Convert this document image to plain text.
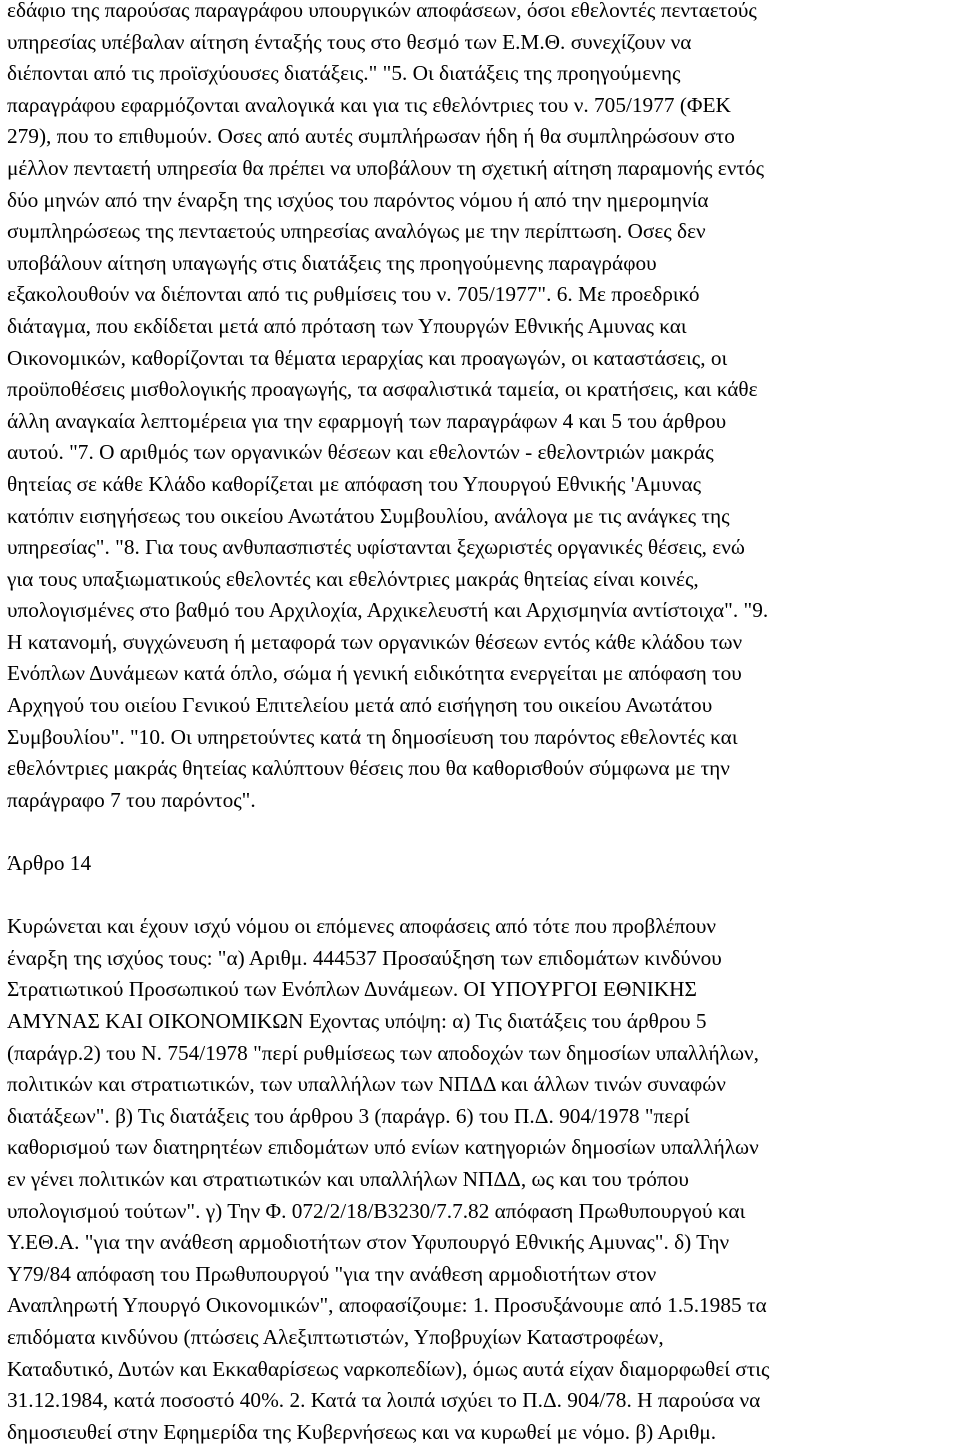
εδάφιο της παρούσας παραγράφου υπουργικών αποφάσεων, όσοι εθελοντές πενταετούς
υπηρεσίας υπέβαλαν αίτηση ένταξής τους στο θεσμό των Ε.Μ.Θ. συνεχίζουν να
διέπονται από τις προϊσχύουσες διατάξεις." "5. Οι διατάξεις της προηγούμενης
παραγράφου εφαρμόζονται αναλογικά και για τις εθελόντριες του ν. 705/1977 (ΦΕΚ
279), που το επιθυμούν. Οσες από αυτές συμπλήρωσαν ήδη ή θα συμπληρώσουν στο
μέλλον πενταετή υπηρεσία θα πρέπει να υποβάλουν τη σχετική αίτηση παραμονής εντός
δύο μηνών από την έναρξη της ισχύος του παρόντος νόμου ή από την ημερομηνία
συμπληρώσεως της πενταετούς υπηρεσίας αναλόγως με την περίπτωση. Οσες δεν
υποβάλουν αίτηση υπαγωγής στις διατάξεις της προηγούμενης παραγράφου
εξακολουθούν να διέπονται από τις ρυθμίσεις του ν. 705/1977". 6. Με προεδρικό
διάταγμα, που εκδίδεται μετά από πρόταση των Υπουργών Εθνικής Αμυνας και
Οικονομικών, καθορίζονται τα θέματα ιεραρχίας και προαγωγών, οι καταστάσεις, οι
προϋποθέσεις μισθολογικής προαγωγής, τα ασφαλιστικά ταμεία, οι κρατήσεις, και κάθε
άλλη αναγκαία λεπτομέρεια για την εφαρμογή των παραγράφων 4 και 5 του άρθρου
αυτού. "7. Ο αριθμός των οργανικών θέσεων και εθελοντών - εθελοντριών μακράς
θητείας σε κάθε Κλάδο καθορίζεται με απόφαση του Υπουργού Εθνικής 'Αμυνας
κατόπιν εισηγήσεως του οικείου Ανωτάτου Συμβουλίου, ανάλογα με τις ανάγκες της
υπηρεσίας". "8. Για τους ανθυπασπιστές υφίστανται ξεχωριστές οργανικές θέσεις, ενώ
για τους υπαξιωματικούς εθελοντές και εθελόντριες μακράς θητείας είναι κοινές,
υπολογισμένες στο βαθμό του Αρχιλοχία, Αρχικελευστή και Αρχισμηνία αντίστοιχα". "9.
Η κατανομή, συγχώνευση ή μεταφορά των οργανικών θέσεων εντός κάθε κλάδου των
Ενόπλων Δυνάμεων κατά όπλο, σώμα ή γενική ειδικότητα ενεργείται με απόφαση του
Αρχηγού του οιείου Γενικού Επιτελείου μετά από εισήγηση του οικείου Ανωτάτου
Συμβουλίου". "10. Οι υπηρετούντες κατά τη δημοσίευση του παρόντος εθελοντές και
εθελόντριες μακράς θητείας καλύπτουν θέσεις που θα καθορισθούν σύμφωνα με την
παράγραφο 7 του παρόντος".
Άρθρο 14
Κυρώνεται και έχουν ισχύ νόμου οι επόμενες αποφάσεις από τότε που προβλέπουν
έναρξη της ισχύος τους: "α) Αριθμ. 444537 Προσαύξηση των επιδομάτων κινδύνου
Στρατιωτικού Προσωπικού των Ενόπλων Δυνάμεων. ΟΙ ΥΠΟΥΡΓΟΙ ΕΘΝΙΚΗΣ
ΑΜΥΝΑΣ ΚΑΙ ΟΙΚΟΝΟΜΙΚΩΝ Εχοντας υπόψη: α) Τις διατάξεις του άρθρου 5
(παράγρ.2) του Ν. 754/1978 "περί ρυθμίσεως των αποδοχών των δημοσίων υπαλλήλων,
πολιτικών και στρατιωτικών, των υπαλλήλων των ΝΠΔΔ και άλλων τινών συναφών
διατάξεων". β) Τις διατάξεις του άρθρου 3 (παράγρ. 6) του Π.Δ. 904/1978 "περί
καθορισμού των διατηρητέων επιδομάτων υπό ενίων κατηγοριών δημοσίων υπαλλήλων
εν γένει πολιτικών και στρατιωτικών και υπαλλήλων ΝΠΔΔ, ως και του τρόπου
υπολογισμού τούτων". γ) Την Φ. 072/2/18/Β3230/7.7.82 απόφαση Πρωθυπουργού και
Υ.ΕΘ.Α. "για την ανάθεση αρμοδιοτήτων στον Υφυπουργό Εθνικής Αμυνας". δ) Την
Υ79/84 απόφαση του Πρωθυπουργού "για την ανάθεση αρμοδιοτήτων στον
Αναπληρωτή Υπουργό Οικονομικών", αποφασίζουμε: 1. Προσυξάνουμε από 1.5.1985 τα
επιδόματα κινδύνου (πτώσεις Αλεξιπτωτιστών, Υποβρυχίων Καταστροφέων,
Καταδυτικό, Δυτών και Εκκαθαρίσεως ναρκοπεδίων), όμως αυτά είχαν διαμορφωθεί στις
31.12.1984, κατά ποσοστό 40%. 2. Κατά τα λοιπά ισχύει το Π.Δ. 904/78. Η παρούσα να
δημοσιευθεί στην Εφημερίδα της Κυβερνήσεως και να κυρωθεί με νόμο. β) Αριθμ.
